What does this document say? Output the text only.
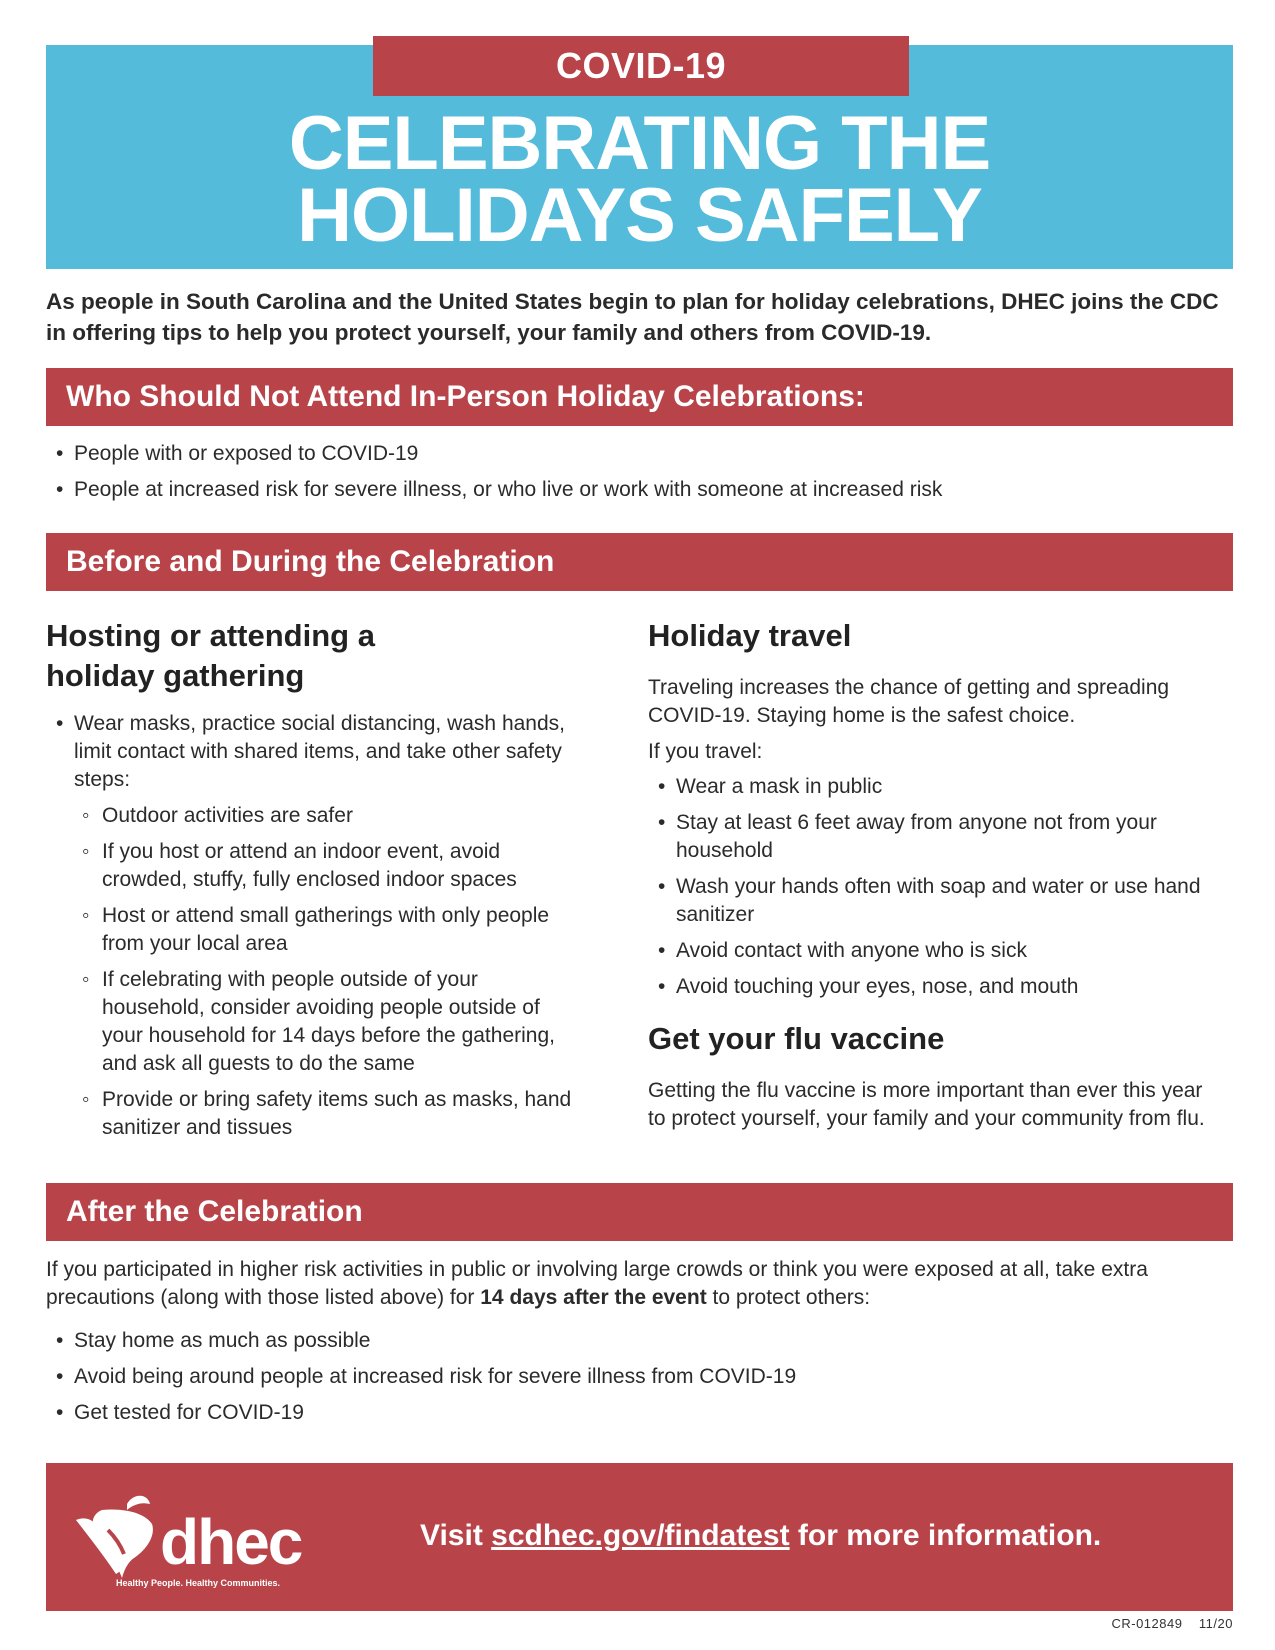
COVID-19
CELEBRATING THE
HOLIDAYS SAFELY
As people in South Carolina and the United States begin to plan for holiday celebrations, DHEC joins the CDC in offering tips to help you protect yourself, your family and others from COVID-19.
Who Should Not Attend In-Person Holiday Celebrations:
• People with or exposed to COVID-19
• People at increased risk for severe illness, or who live or work with someone at increased risk
Before and During the Celebration
Hosting or attending a
holiday gathering
• Wear masks, practice social distancing, wash hands, limit contact with shared items, and take other safety steps:
◦ Outdoor activities are safer
◦ If you host or attend an indoor event, avoid crowded, stuffy, fully enclosed indoor spaces
◦ Host or attend small gatherings with only people from your local area
◦ If celebrating with people outside of your household, consider avoiding people outside of your household for 14 days before the gathering, and ask all guests to do the same
◦ Provide or bring safety items such as masks, hand sanitizer and tissues
Holiday travel
Traveling increases the chance of getting and spreading COVID-19. Staying home is the safest choice.
If you travel:
• Wear a mask in public
• Stay at least 6 feet away from anyone not from your household
• Wash your hands often with soap and water or use hand sanitizer
• Avoid contact with anyone who is sick
• Avoid touching your eyes, nose, and mouth
Get your flu vaccine
Getting the flu vaccine is more important than ever this year to protect yourself, your family and your community from flu.
After the Celebration
If you participated in higher risk activities in public or involving large crowds or think you were exposed at all, take extra precautions (along with those listed above) for 14 days after the event to protect others:
• Stay home as much as possible
• Avoid being around people at increased risk for severe illness from COVID-19
• Get tested for COVID-19
dhec
Healthy People. Healthy Communities.
Visit scdhec.gov/findatest for more information.
CR-012849 11/20
